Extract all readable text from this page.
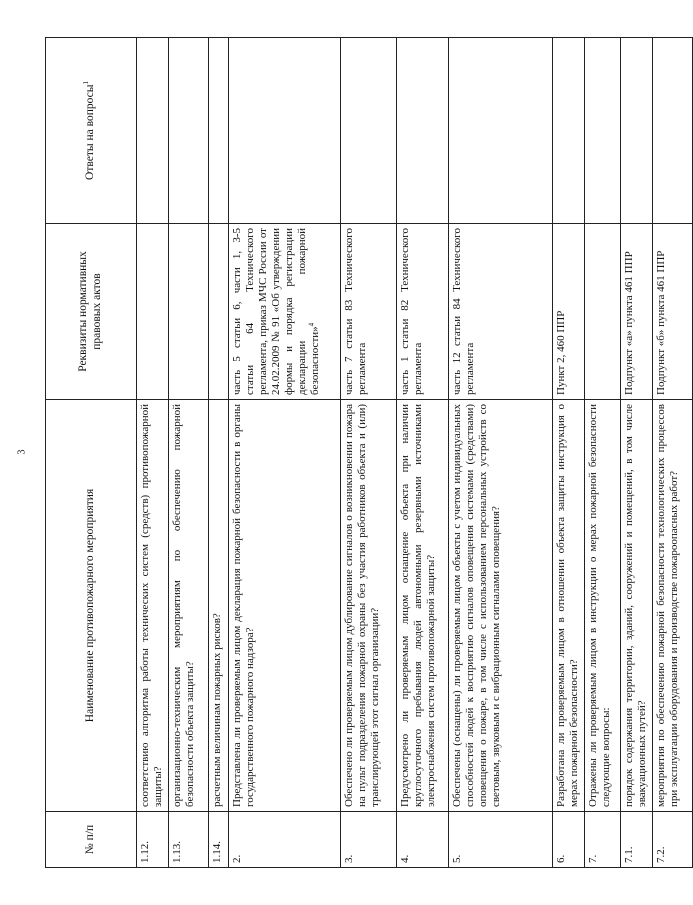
3
№ п/п	Наименование противопожарного мероприятия	Реквизиты нормативных правовых актов	Ответы на вопросы$^1$
1.12.	соответствию алгоритма работы технических систем (средств) противопожарной защиты?		
1.13.	организационно-техническим мероприятиям по обеспечению пожарной безопасности объекта защиты?		
1.14.	расчетным величинам пожарных рисков?		
2.	Представлена ли проверяемым лицом декларация пожарной безопасности в органы государственного пожарного надзора?	часть 5 статьи 6, части 1, 3-5 статьи 64 Технического регламента, приказ МЧС России от 24.02.2009 № 91 «Об утверждении формы и порядка регистрации декларации пожарной безопасности»$^4$	
3.	Обеспечено ли проверяемым лицом дублирование сигналов о возникновении пожара на пульт подразделения пожарной охраны без участия работников объекта и (или) транслирующей этот сигнал организации?	часть 7 статьи 83 Технического регламента	
4.	Предусмотрено ли проверяемым лицом оснащение объекта при наличии круглосуточного пребывания людей автономными резервными источниками электроснабжения систем противопожарной защиты?	часть 1 статьи 82 Технического регламента	
5.	Обеспечены (оснащены) ли проверяемым лицом объекты с учетом индивидуальных способностей людей к восприятию сигналов оповещения системами (средствами) оповещения о пожаре, в том числе с использованием персональных устройств со световым, звуковым и с вибрационным сигналами оповещения?	часть 12 статьи 84 Технического регламента	
6.	Разработана ли проверяемым лицом в отношении объекта защиты инструкция о мерах пожарной безопасности?	Пункт 2, 460 ППР	
7.	Отражены ли проверяемым лицом в инструкции о мерах пожарной безопасности следующие вопросы:		
7.1.	порядок содержания территории, зданий, сооружений и помещений, в том числе эвакуационных путей?	Подпункт «а» пункта 461 ППР	
7.2.	мероприятия по обеспечению пожарной безопасности технологических процессов при эксплуатации оборудования и производстве пожароопасных работ?	Подпункт «б» пункта 461 ППР	
